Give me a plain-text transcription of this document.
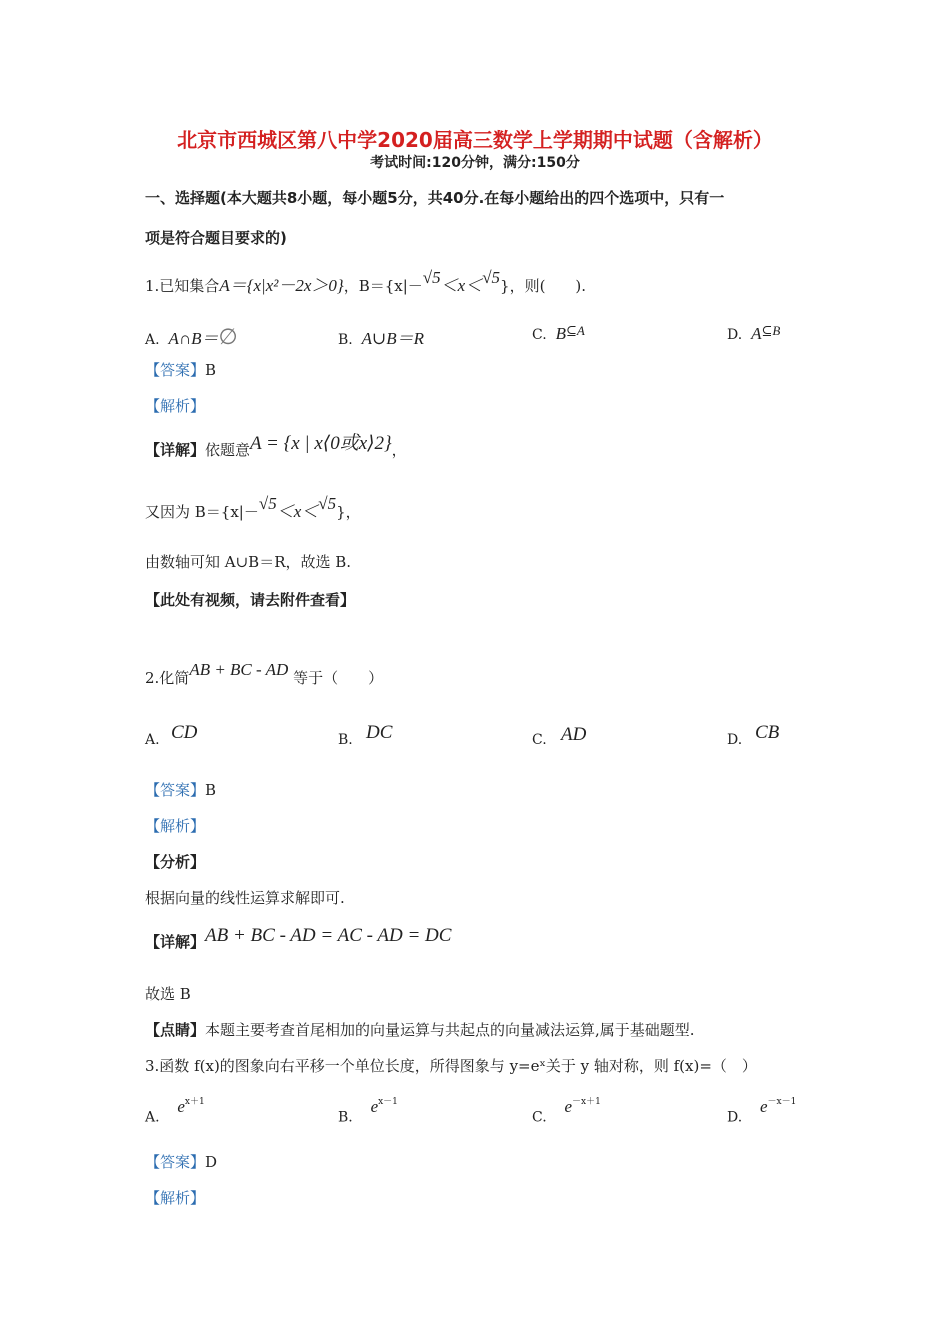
北京市西城区第八中学2020届高三数学上学期期中试题（含解析）
考试时间:120分钟，满分:150分
一、选择题(本大题共8小题，每小题5分，共40分.在每小题给出的四个选项中，只有一
项是符合题目要求的)
1.已知集合A＝{x|x²－2x＞0}，B＝{x|－√5＜x＜√5}，则(　　).
A. A∩B＝∅	B. A∪B＝R	C. B⊆A	D. A⊆B
【答案】B
【解析】
【详解】依题意A = {x | x⟨0或x⟩2}，
又因为 B＝{x|－√5＜x＜√5}，
由数轴可知 A∪B＝R，故选 B.
【此处有视频，请去附件查看】
2.化简AB + BC - AD 等于（　　）
A. CD	B. DC	C. AD	D. CB
【答案】B
【解析】
【分析】
根据向量的线性运算求解即可.
【详解】AB + BC - AD = AC - AD = DC
故选 B
【点睛】本题主要考查首尾相加的向量运算与共起点的向量减法运算,属于基础题型.
3.函数 f(x)的图象向右平移一个单位长度，所得图象与 y=eˣ关于 y 轴对称，则 f(x)=（　）
A.    $e^{x+1}$
B.    $e^{x-1}$
C.    $e^{-x+1}$
D.    $e^{-x-1}$
【答案】D
【解析】
